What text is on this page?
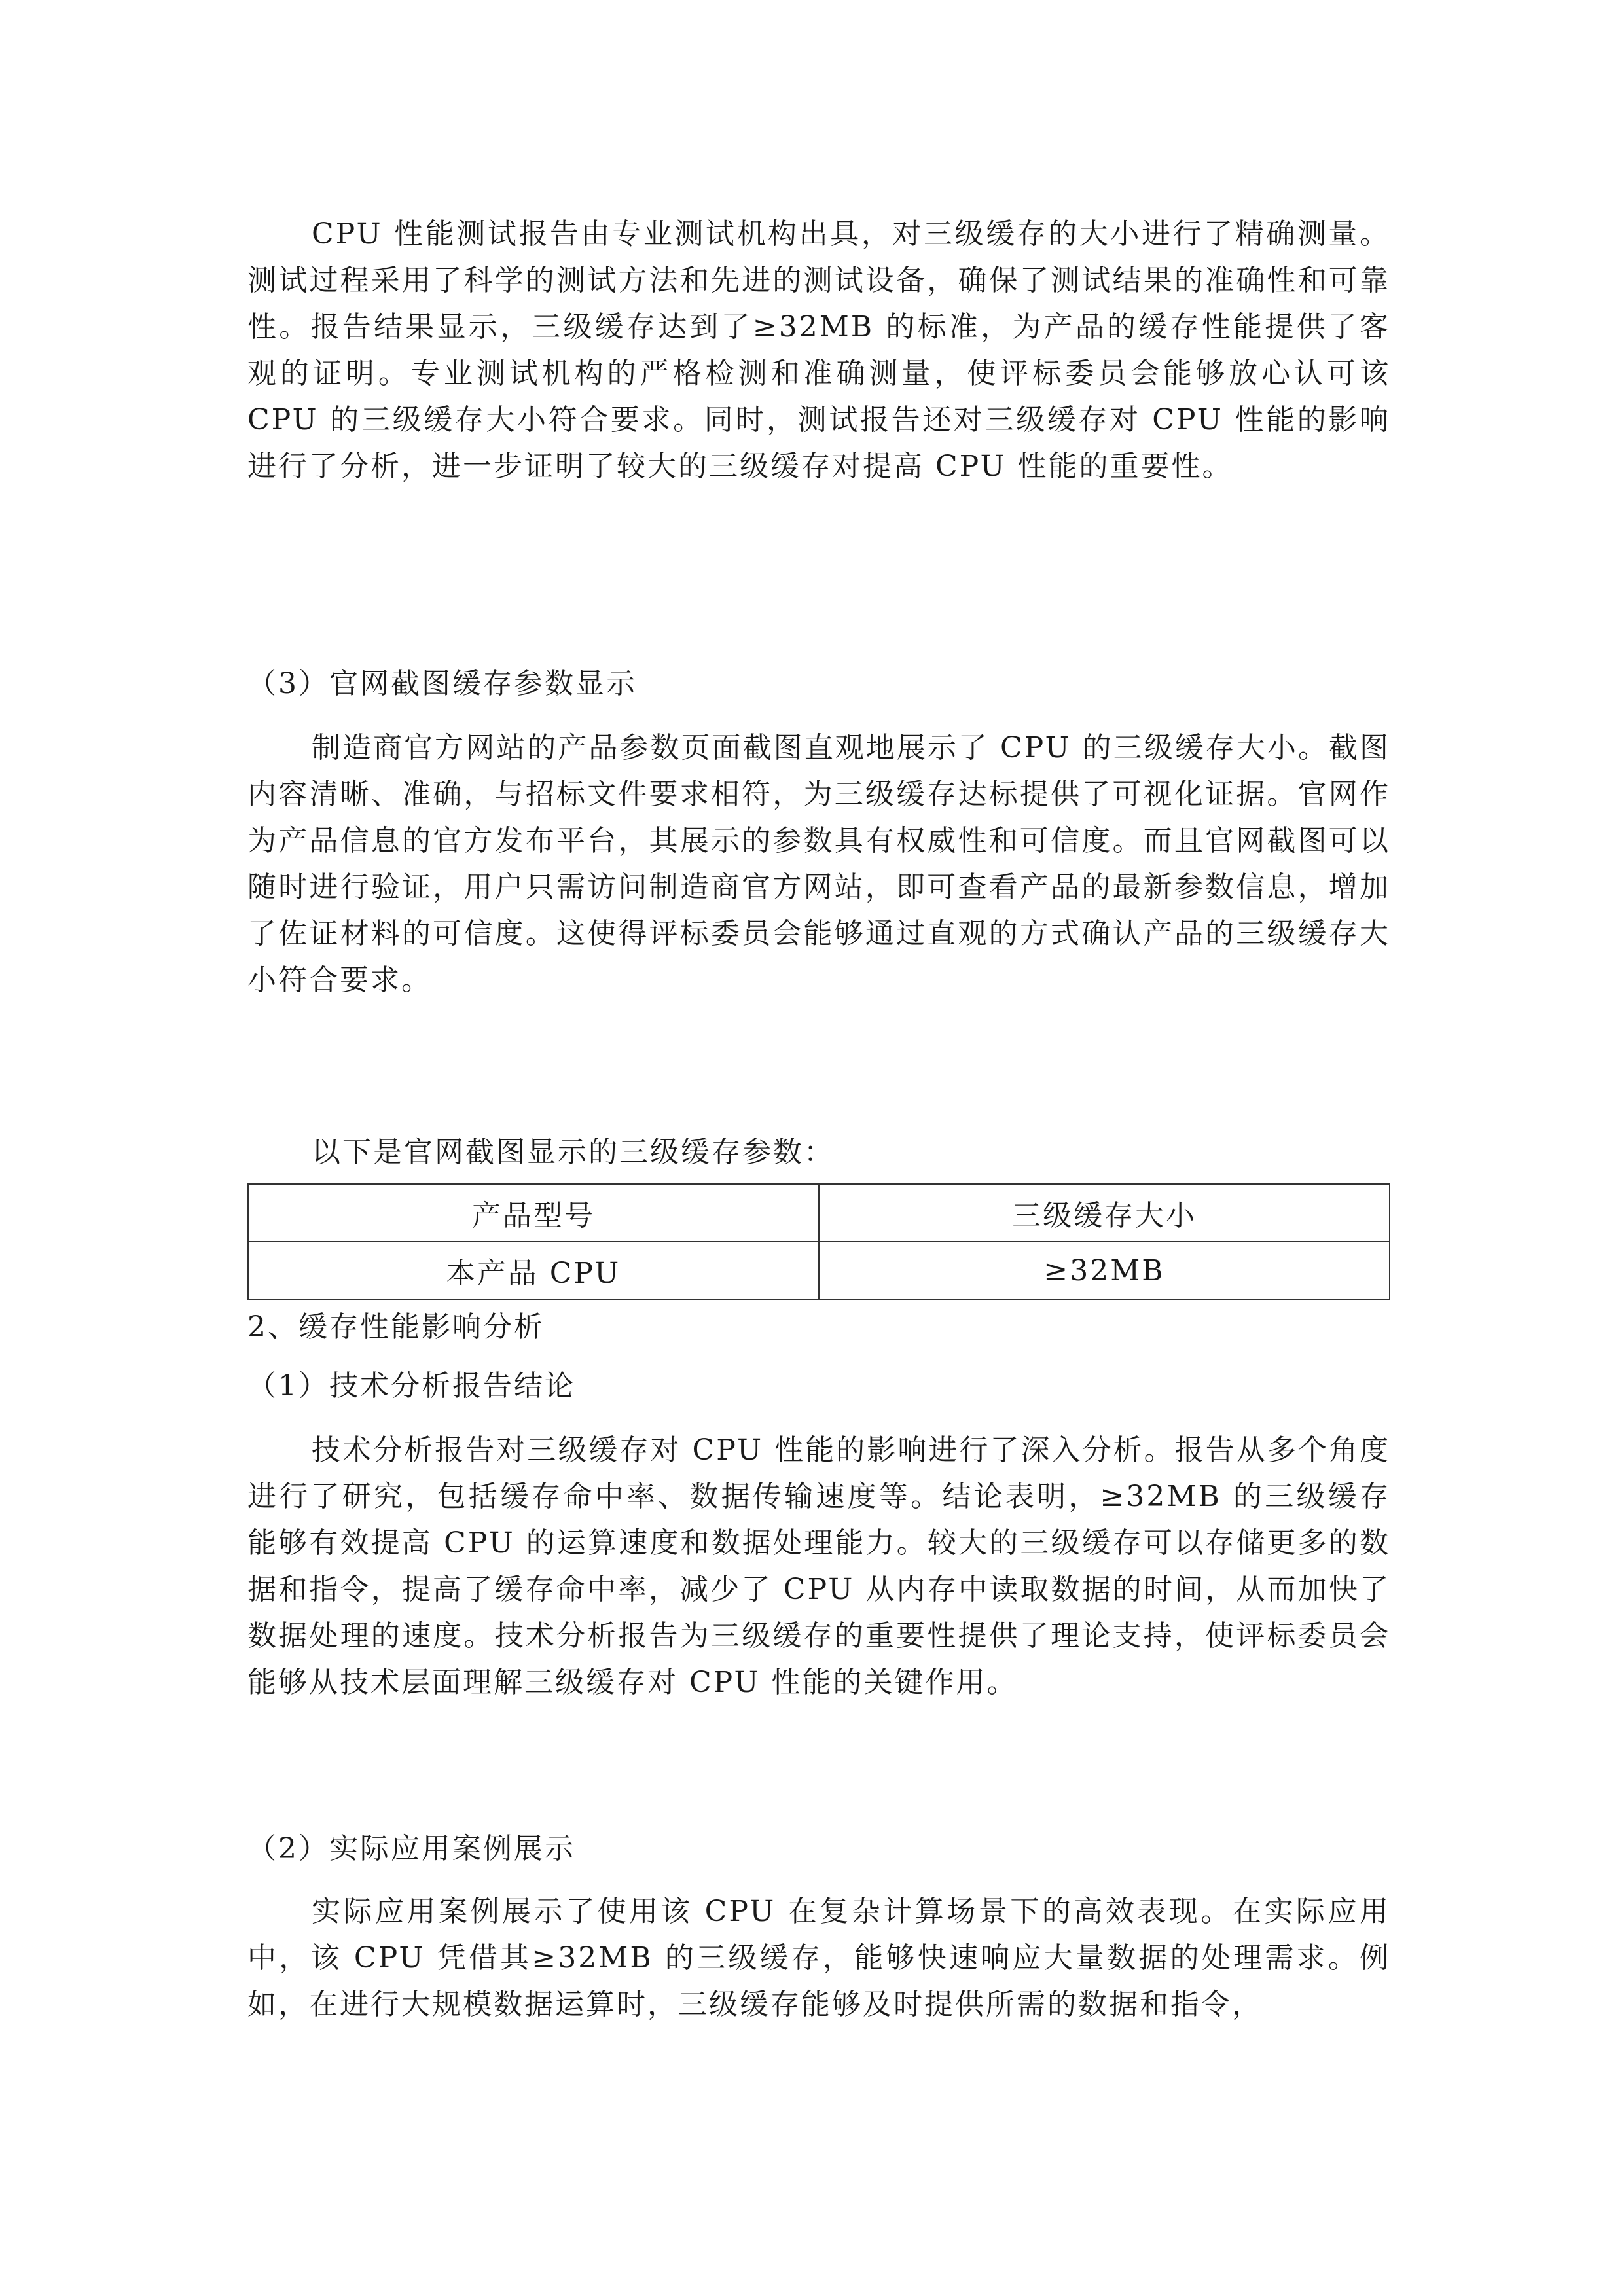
CPU 性能测试报告由专业测试机构出具，对三级缓存的大小进行了精确测量。测试过程采用了科学的测试方法和先进的测试设备，确保了测试结果的准确性和可靠性。报告结果显示，三级缓存达到了≥32MB 的标准，为产品的缓存性能提供了客观的证明。专业测试机构的严格检测和准确测量，使评标委员会能够放心认可该 CPU 的三级缓存大小符合要求。同时，测试报告还对三级缓存对 CPU 性能的影响进行了分析，进一步证明了较大的三级缓存对提高 CPU 性能的重要性。

（3）官网截图缓存参数显示

制造商官方网站的产品参数页面截图直观地展示了 CPU 的三级缓存大小。截图内容清晰、准确，与招标文件要求相符，为三级缓存达标提供了可视化证据。官网作为产品信息的官方发布平台，其展示的参数具有权威性和可信度。而且官网截图可以随时进行验证，用户只需访问制造商官方网站，即可查看产品的最新参数信息，增加了佐证材料的可信度。这使得评标委员会能够通过直观的方式确认产品的三级缓存大小符合要求。

以下是官网截图显示的三级缓存参数：

产品型号	三级缓存大小
本产品 CPU	≥32MB

2、缓存性能影响分析

（1）技术分析报告结论

技术分析报告对三级缓存对 CPU 性能的影响进行了深入分析。报告从多个角度进行了研究，包括缓存命中率、数据传输速度等。结论表明，≥32MB 的三级缓存能够有效提高 CPU 的运算速度和数据处理能力。较大的三级缓存可以存储更多的数据和指令，提高了缓存命中率，减少了 CPU 从内存中读取数据的时间，从而加快了数据处理的速度。技术分析报告为三级缓存的重要性提供了理论支持，使评标委员会能够从技术层面理解三级缓存对 CPU 性能的关键作用。

（2）实际应用案例展示

实际应用案例展示了使用该 CPU 在复杂计算场景下的高效表现。在实际应用中，该 CPU 凭借其≥32MB 的三级缓存，能够快速响应大量数据的处理需求。例如，在进行大规模数据运算时，三级缓存能够及时提供所需的数据和指令，
